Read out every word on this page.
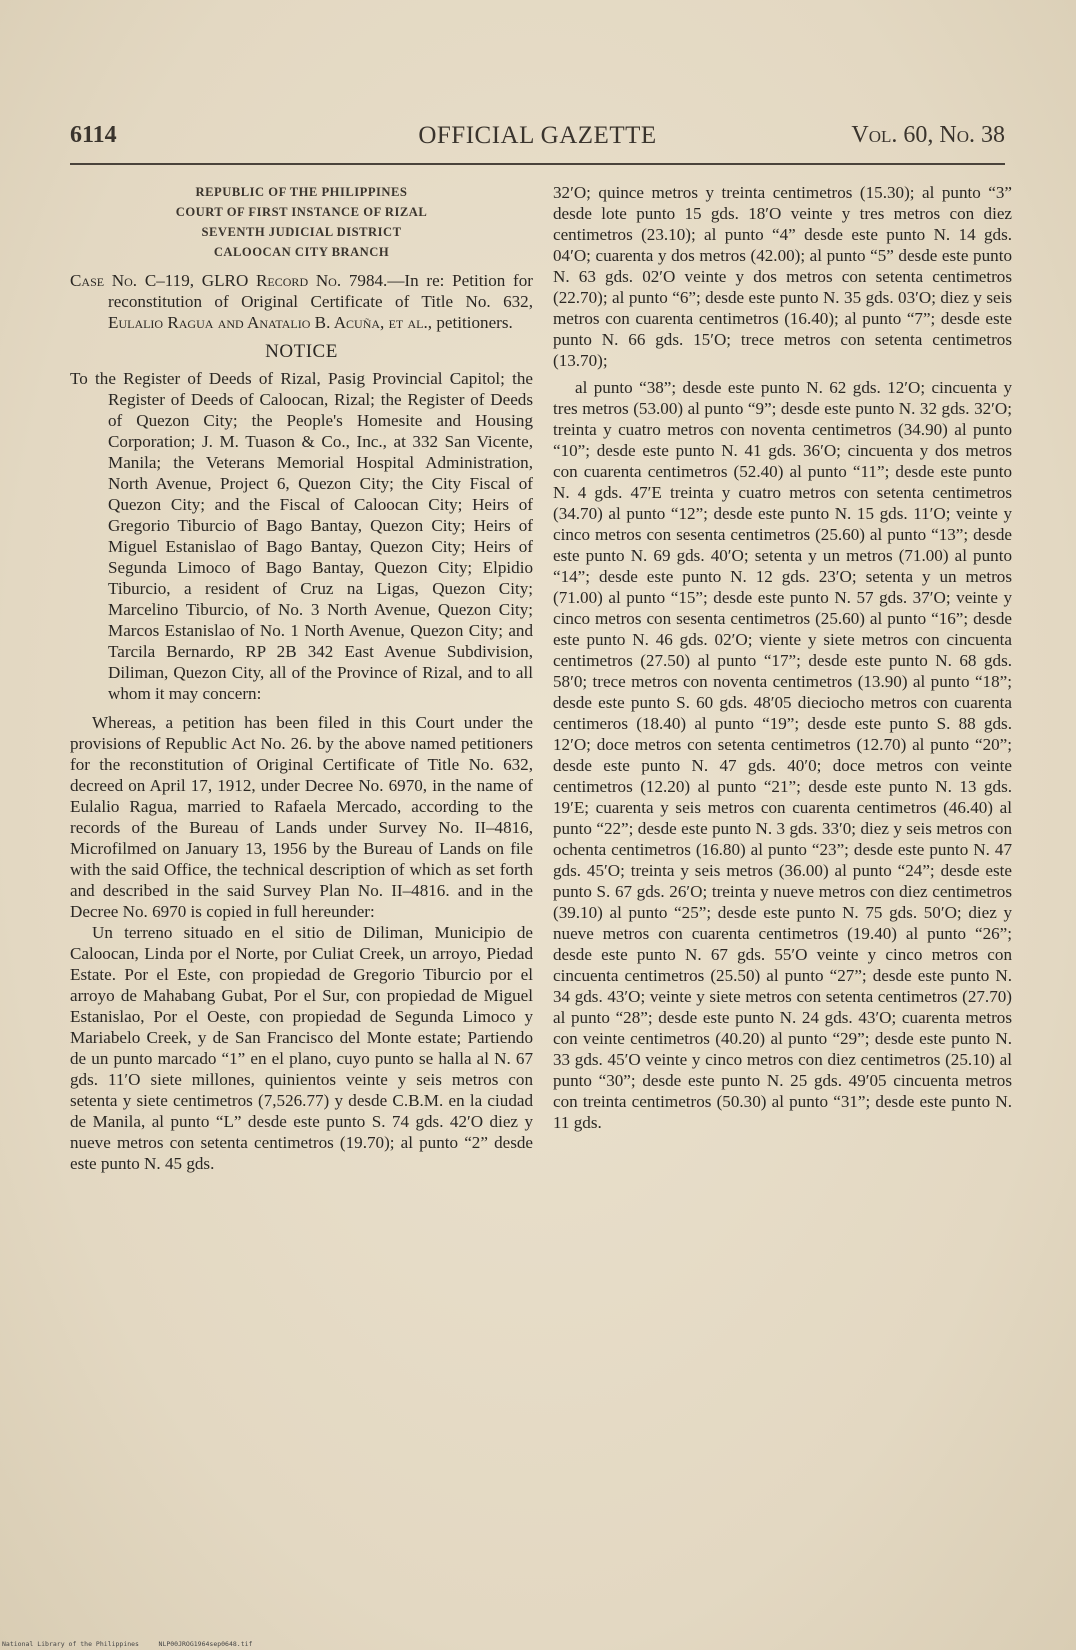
6114	OFFICIAL GAZETTE	Vol. 60, No. 38
REPUBLIC OF THE PHILIPPINES
COURT OF FIRST INSTANCE OF RIZAL
SEVENTH JUDICIAL DISTRICT
CALOOCAN CITY BRANCH

Case No. C–119, GLRO Record No. 7984.—In re: Petition for reconstitution of Original Certificate of Title No. 632, Eulalio Ragua and Anatalio B. Acuña, et al., petitioners.

NOTICE

To the Register of Deeds of Rizal, Pasig Provincial Capitol; the Register of Deeds of Caloocan, Rizal; the Register of Deeds of Quezon City; the People's Homesite and Housing Corporation; J. M. Tuason & Co., Inc., at 332 San Vicente, Manila; the Veterans Memorial Hospital Administration, North Avenue, Project 6, Quezon City; the City Fiscal of Quezon City; and the Fiscal of Caloocan City; Heirs of Gregorio Tiburcio of Bago Bantay, Quezon City; Heirs of Miguel Estanislao of Bago Bantay, Quezon City; Heirs of Segunda Limoco of Bago Bantay, Quezon City; Elpidio Tiburcio, a resident of Cruz na Ligas, Quezon City; Marcelino Tiburcio, of No. 3 North Avenue, Quezon City; Marcos Estanislao of No. 1 North Avenue, Quezon City; and Tarcila Bernardo, RP 2B 342 East Avenue Subdivision, Diliman, Quezon City, all of the Province of Rizal, and to all whom it may concern:

Whereas, a petition has been filed in this Court under the provisions of Republic Act No. 26. by the above named petitioners for the reconstitution of Original Certificate of Title No. 632, decreed on April 17, 1912, under Decree No. 6970, in the name of Eulalio Ragua, married to Rafaela Mercado, according to the records of the Bureau of Lands under Survey No. II–4816, Microfilmed on January 13, 1956 by the Bureau of Lands on file with the said Office, the technical description of which as set forth and described in the said Survey Plan No. II–4816. and in the Decree No. 6970 is copied in full hereunder:

Un terreno situado en el sitio de Diliman, Municipio de Caloocan, Linda por el Norte, por Culiat Creek, un arroyo, Piedad Estate. Por el Este, con propiedad de Gregorio Tiburcio por el arroyo de Mahabang Gubat, Por el Sur, con propiedad de Miguel Estanislao, Por el Oeste, con propiedad de Segunda Limoco y Mariabelo Creek, y de San Francisco del Monte estate; Partiendo de un punto marcado “1” en el plano, cuyo punto se halla al N. 67 gds. 11′O siete millones, quinientos veinte y seis metros con setenta y siete centimetros (7,526.77) y desde C.B.M. en la ciudad de Manila, al punto “L” desde este punto S. 74 gds. 42′O diez y nueve metros con setenta centimetros (19.70); al punto “2” desde este punto N. 45 gds.

32′O; quince metros y treinta centimetros (15.30); al punto “3” desde lote punto 15 gds. 18′O veinte y tres metros con diez centimetros (23.10); al punto “4” desde este punto N. 14 gds. 04′O; cuarenta y dos metros (42.00); al punto “5” desde este punto N. 63 gds. 02′O veinte y dos metros con setenta centimetros (22.70); al punto “6”; desde este punto N. 35 gds. 03′O; diez y seis metros con cuarenta centimetros (16.40); al punto “7”; desde este punto N. 66 gds. 15′O; trece metros con setenta centimetros (13.70);

al punto “38”; desde este punto N. 62 gds. 12′O; cincuenta y tres metros (53.00) al punto “9”; desde este punto N. 32 gds. 32′O; treinta y cuatro metros con noventa centimetros (34.90) al punto “10”; desde este punto N. 41 gds. 36′O; cincuenta y dos metros con cuarenta centimetros (52.40) al punto “11”; desde este punto N. 4 gds. 47′E treinta y cuatro metros con setenta centimetros (34.70) al punto “12”; desde este punto N. 15 gds. 11′O; veinte y cinco metros con sesenta centimetros (25.60) al punto “13”; desde este punto N. 69 gds. 40′O; setenta y un metros (71.00) al punto “14”; desde este punto N. 12 gds. 23′O; setenta y un metros (71.00) al punto “15”; desde este punto N. 57 gds. 37′O; veinte y cinco metros con sesenta centimetros (25.60) al punto “16”; desde este punto N. 46 gds. 02′O; viente y siete metros con cincuenta centimetros (27.50) al punto “17”; desde este punto N. 68 gds. 58′0; trece metros con noventa centimetros (13.90) al punto “18”; desde este punto S. 60 gds. 48′05 dieciocho metros con cuarenta centimeros (18.40) al punto “19”; desde este punto S. 88 gds. 12′O; doce metros con setenta centimetros (12.70) al punto “20”; desde este punto N. 47 gds. 40′0; doce metros con veinte centimetros (12.20) al punto “21”; desde este punto N. 13 gds. 19′E; cuarenta y seis metros con cuarenta centimetros (46.40) al punto “22”; desde este punto N. 3 gds. 33′0; diez y seis metros con ochenta centimetros (16.80) al punto “23”; desde este punto N. 47 gds. 45′O; treinta y seis metros (36.00) al punto “24”; desde este punto S. 67 gds. 26′O; treinta y nueve metros con diez centimetros (39.10) al punto “25”; desde este punto N. 75 gds. 50′O; diez y nueve metros con cuarenta centimetros (19.40) al punto “26”; desde este punto N. 67 gds. 55′O veinte y cinco metros con cincuenta centimetros (25.50) al punto “27”; desde este punto N. 34 gds. 43′O; veinte y siete metros con setenta centimetros (27.70) al punto “28”; desde este punto N. 24 gds. 43′O; cuarenta metros con veinte centimetros (40.20) al punto “29”; desde este punto N. 33 gds. 45′O veinte y cinco metros con diez centimetros (25.10) al punto “30”; desde este punto N. 25 gds. 49′05 cincuenta metros con treinta centimetros (50.30) al punto “31”; desde este punto N. 11 gds.

National Library of the Philippines     NLP00JROG1964sep0648.tif
